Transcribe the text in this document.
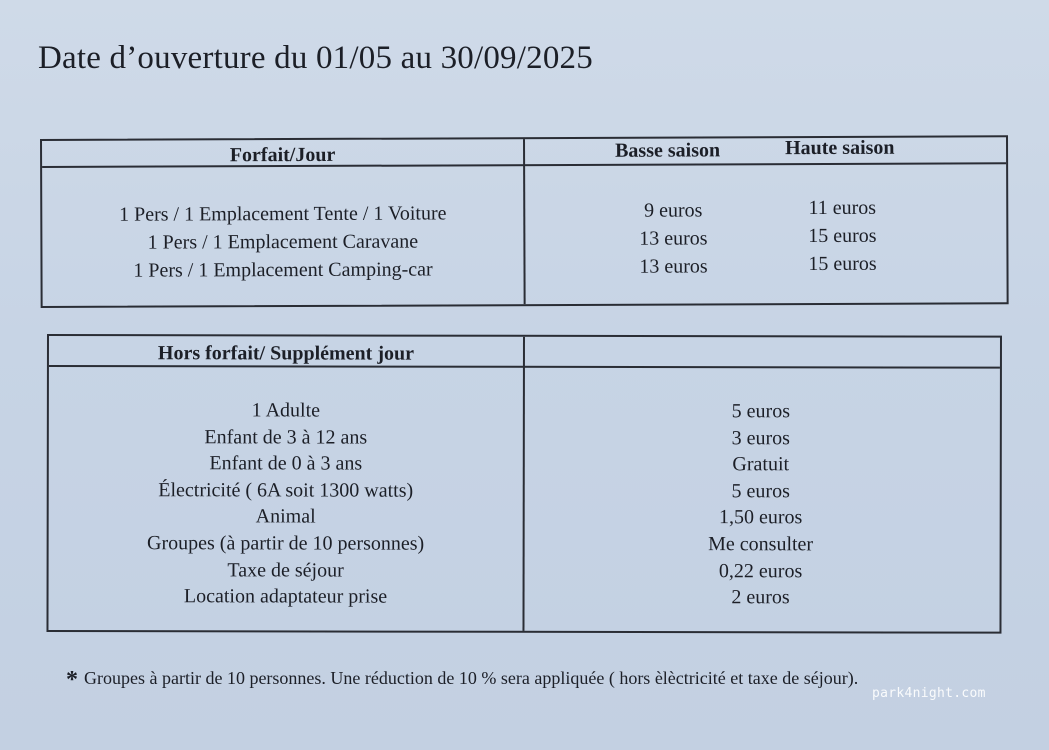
Date d’ouverture du 01/05 au 30/09/2025
Forfait/Jour	Basse saison	Haute saison
1 Pers / 1 Emplacement Tente / 1 Voiture
1 Pers / 1 Emplacement Caravane
1 Pers / 1 Emplacement Camping-car
9 euros
13 euros
13 euros
11 euros
15 euros
15 euros
Hors forfait/ Supplément jour
1 Adulte
Enfant de 3 à 12 ans
Enfant de 0 à 3 ans
Électricité ( 6A soit 1300 watts)
Animal
Groupes (à partir de 10 personnes)
Taxe de séjour
Location adaptateur prise
5 euros
3 euros
Gratuit
5 euros
1,50 euros
Me consulter
0,22 euros
2 euros
* Groupes à partir de 10 personnes. Une réduction de 10 % sera appliquée ( hors èlèctricité et taxe de séjour).
park4night.com
